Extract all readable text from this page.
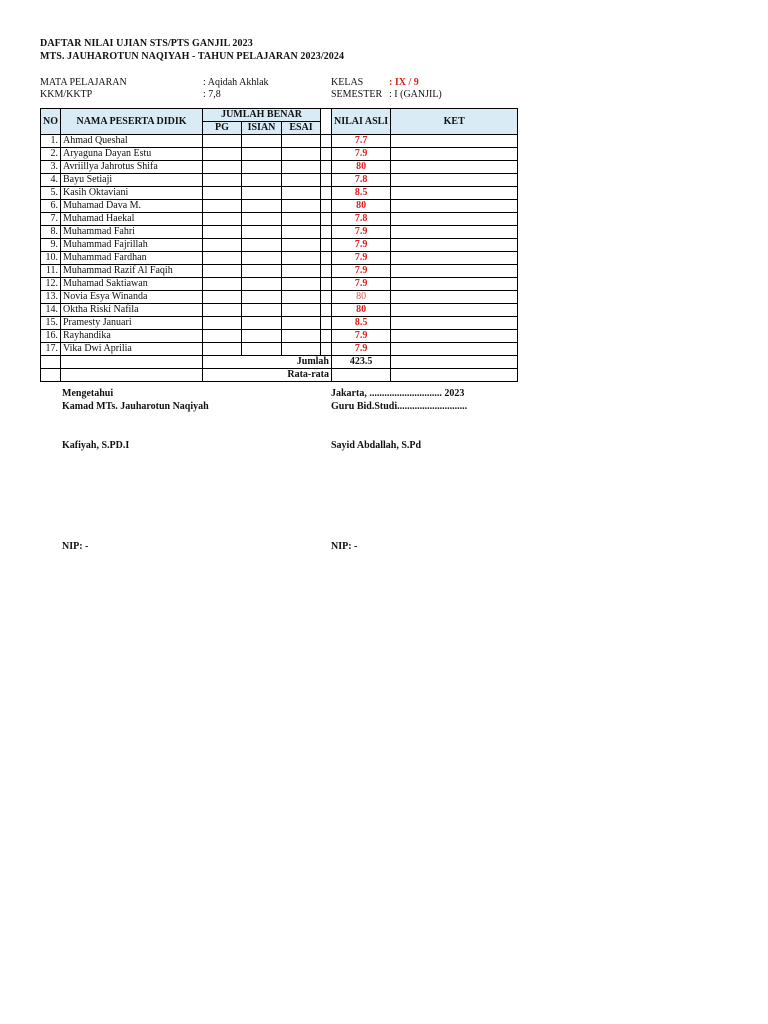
DAFTAR NILAI UJIAN STS/PTS GANJIL 2023
MTS. JAUHAROTUN NAQIYAH - TAHUN PELAJARAN 2023/2024
MATA PELAJARAN	: Aqidah Akhlak
KKM/KKTP	: 7,8
KELAS	: IX / 9
SEMESTER : I (GANJIL)
NO	NAMA PESERTA DIDIK	JUMLAH BENAR				NILAI ASLI	KET
		PG	ISIAN	ESAI			
1.	Ahmad Queshal					7.7	
2.	Aryaguna Dayan Estu					7.9	
3.	Avriillya Jahrotus Shifa					80	
4.	Bayu Setiaji					7.8	
5.	Kasih Oktaviani					8.5	
6.	Muhamad Dava M.					80	
7.	Muhamad Haekal					7.8	
8.	Muhammad Fahri					7.9	
9.	Muhammad Fajrillah					7.9	
10.	Muhammad Fardhan					7.9	
11.	Muhammad Razif Al Faqih					7.9	
12.	Muhamad Saktiawan					7.9	
13.	Novia Esya Winanda					80	
14.	Oktha Riski Nafila					80	
15.	Pramesty Januari					8.5	
16.	Rayhandika					7.9	
17.	Vika Dwi Aprilia					7.9	
		Jumlah				423.5	
		Rata-rata					
Mengetahui
Kamad MTs. Jauharotun Naqiyah
Kafiyah, S.PD.I
NIP: -
Jakarta, ............................. 2023
Guru Bid.Studi............................
Sayid Abdallah, S.Pd
NIP: -
